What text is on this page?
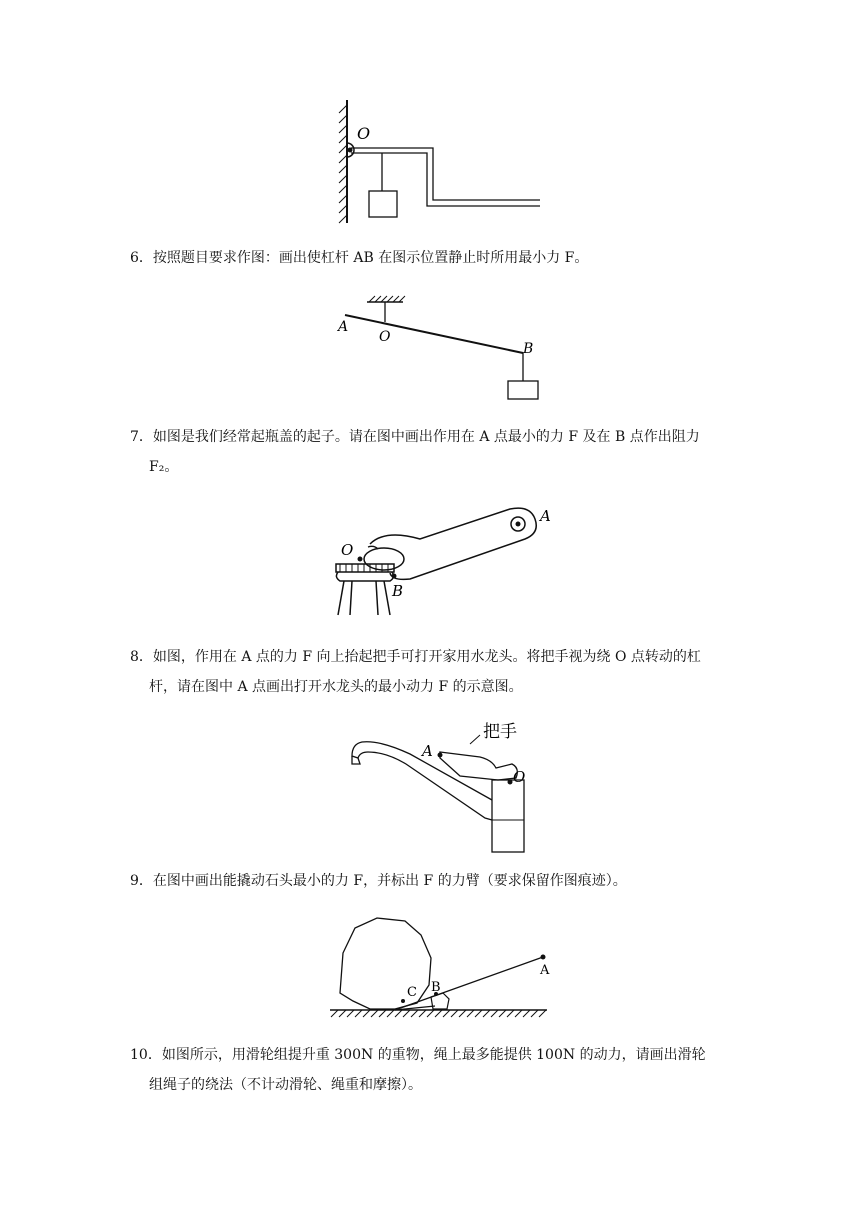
O
6．按照题目要求作图：画出使杠杆 AB 在图示位置静止时所用最小力 F。
A
O
B
7．如图是我们经常起瓶盖的起子。请在图中画出作用在 A 点最小的力 F 及在 B 点作出阻力
F₂。
A
O
B
8．如图，作用在 A 点的力 F 向上抬起把手可打开家用水龙头。将把手视为绕 O 点转动的杠
杆，请在图中 A 点画出打开水龙头的最小动力 F 的示意图。
把手
A
O
9．在图中画出能撬动石头最小的力 F，并标出 F 的力臂（要求保留作图痕迹）。
A
B
C
10．如图所示，用滑轮组提升重 300N 的重物，绳上最多能提供 100N 的动力，请画出滑轮
组绳子的绕法（不计动滑轮、绳重和摩擦）。
